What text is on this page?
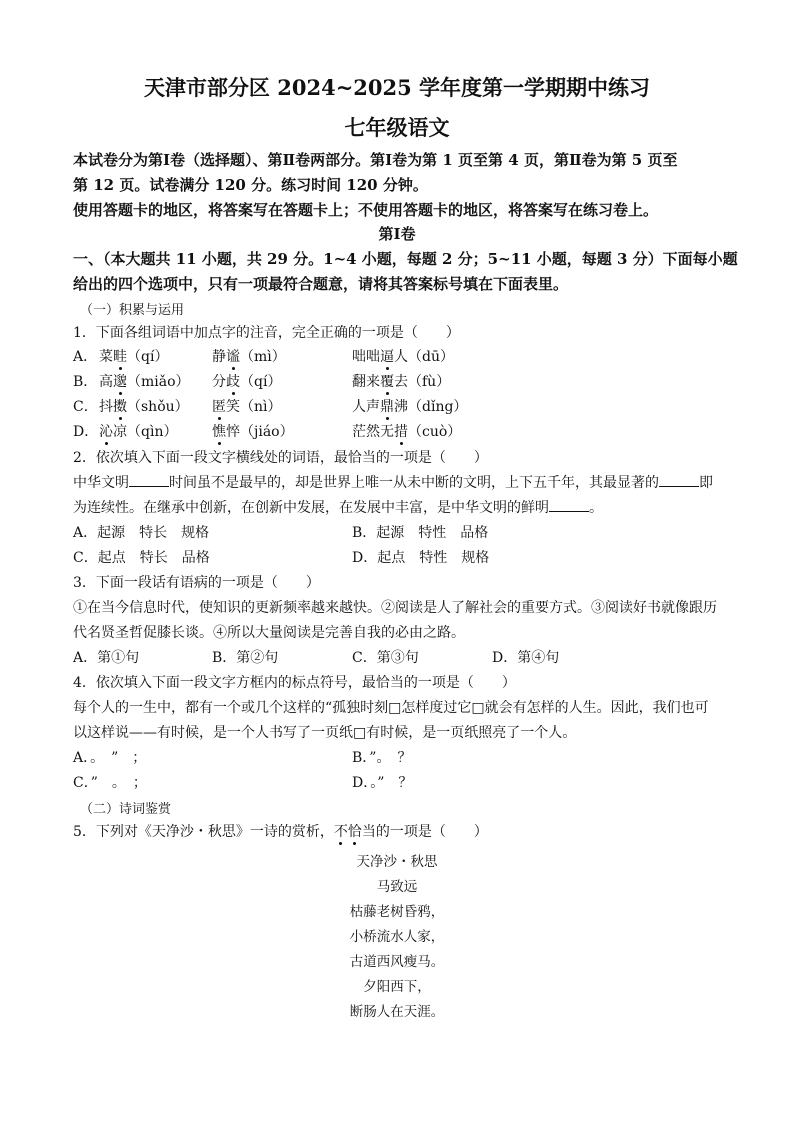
天津市部分区 2024~2025 学年度第一学期期中练习
七年级语文
本试卷分为第Ⅰ卷（选择题）、第Ⅱ卷两部分。第Ⅰ卷为第 1 页至第 4 页，第Ⅱ卷为第 5 页至
第 12 页。试卷满分 120 分。练习时间 120 分钟。
使用答题卡的地区，将答案写在答题卡上；不使用答题卡的地区，将答案写在练习卷上。
第Ⅰ卷
一、（本大题共 11 小题，共 29 分。1~4 小题，每题 2 分；5~11 小题，每题 3 分）下面每小题
给出的四个选项中，只有一项最符合题意，请将其答案标号填在下面表里。
（一）积累与运用
1．下面各组词语中加点字的注音，完全正确的一项是（　　）
A． 菜畦（qí）	静谧（mì）	咄咄逼人（dū）
B． 高邈（miǎo） 分歧（qí）	翻来覆去（fù）
C． 抖擞（shǒu） 匿笑（nì）	人声鼎沸（dǐng）
D． 沁凉（qìn） 憔悴（jiáo）	茫然无措（cuò）
2．依次填入下面一段文字横线处的词语，最恰当的一项是（　　）
中华文明	时间虽不是最早的，却是世界上唯一从未中断的文明，上下五千年，其最显著的	即
为连续性。在继承中创新，在创新中发展，在发展中丰富，是中华文明的鲜明	。
A．起源　特长　规格	B．起源　特性　品格
C．起点　特长　品格	D．起点　特性　规格
3．下面一段话有语病的一项是（　　）
①在当今信息时代，使知识的更新频率越来越快。②阅读是人了解社会的重要方式。③阅读好书就像跟历
代名贤圣哲促膝长谈。④所以大量阅读是完善自我的必由之路。
A．第①句	B．第②句	C．第③句	D．第④句
4．依次填入下面一段文字方框内的标点符号，最恰当的一项是（　　）
每个人的一生中，都有一个或几个这样的“孤独时刻□怎样度过它□就会有怎样的人生。因此，我们也可
以这样说——有时候，是一个人书写了一页纸□有时候，是一页纸照亮了一个人。
A．。　”　；	B．”。　？
C．”　。　；	D．。”　？
（二）诗词鉴赏
5．下列对《天净沙・秋思》一诗的赏析，不恰当的一项是（　　）
天净沙・秋思
马致远
枯藤老树昏鸦，
小桥流水人家，
古道西风瘦马。
夕阳西下，
断肠人在天涯。
